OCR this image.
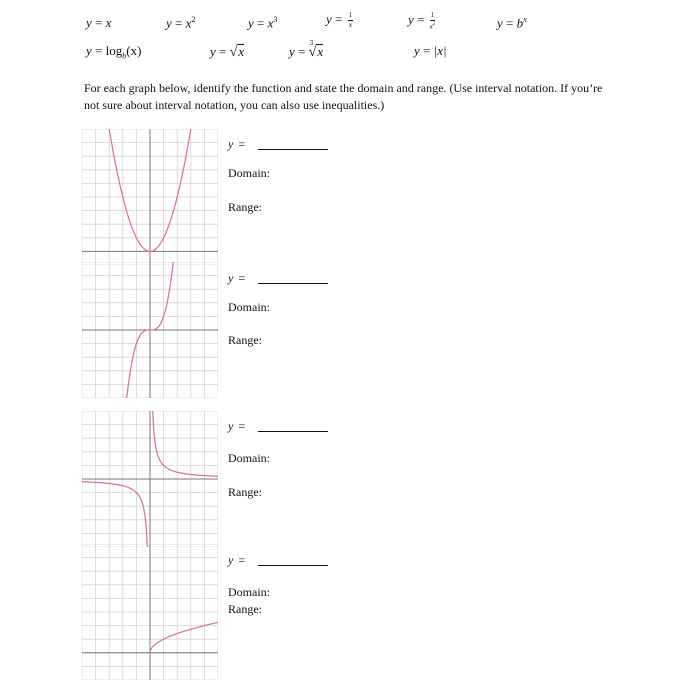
y = x	$y = x^2$	$y = x^3$	$y = \frac{1}{x}$	$y = \frac{1}{x^2}$	$y = b^x$
$y = \log_b(x)$	y = √x	y =
3
√x	y = |x|
For each graph below, identify the function and state the domain and range. (Use interval notation. If you’re not sure about interval notation, you can also use inequalities.)
y =
Domain:
Range:
y =
Domain:
Range:
y =
Domain:
Range:
y =
Domain:
Range:
